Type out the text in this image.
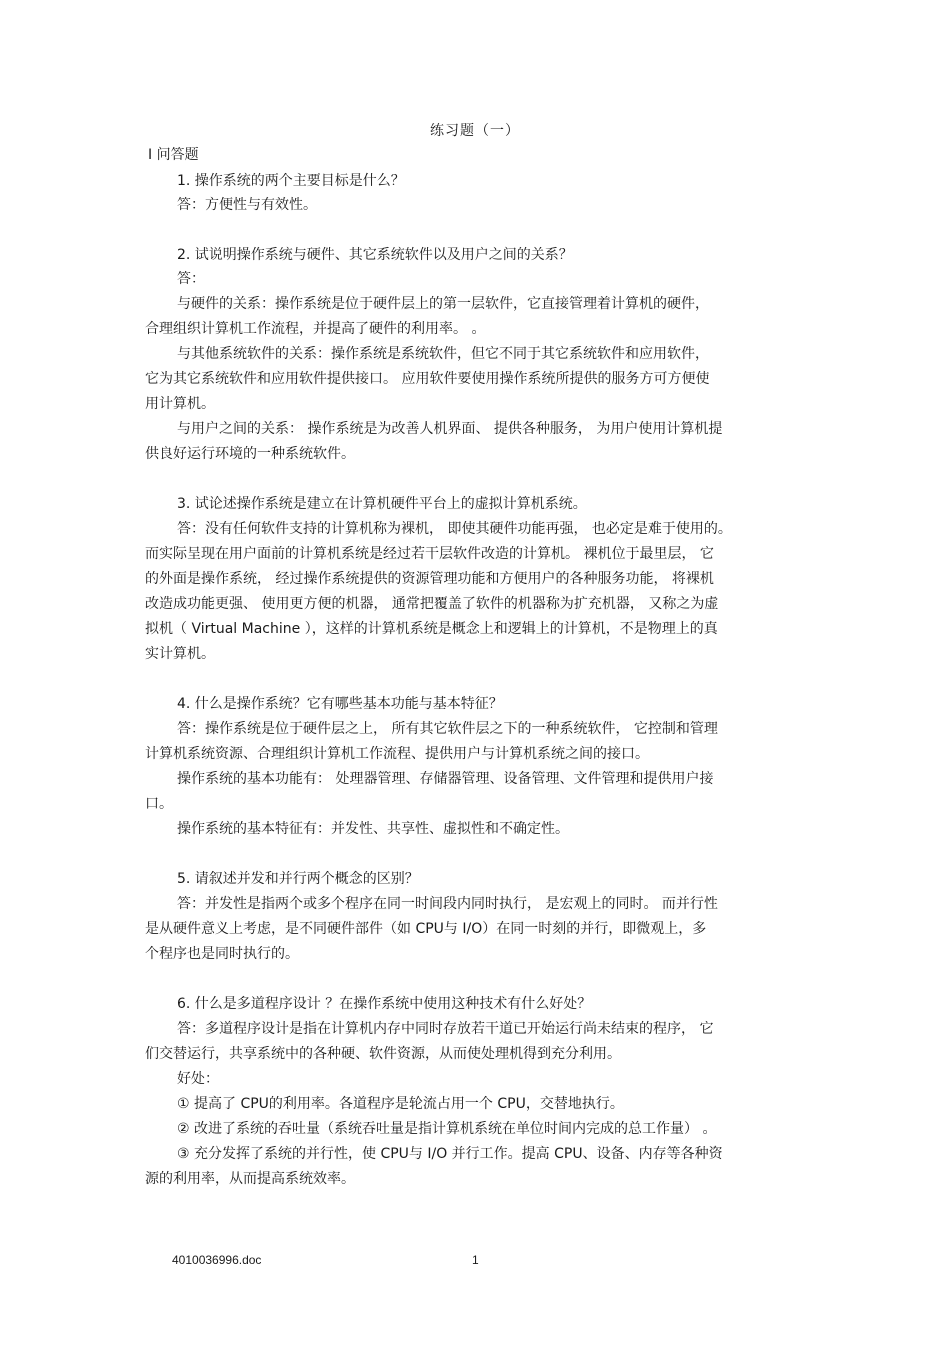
练习题（一）
Ⅰ 问答题
1. 操作系统的两个主要目标是什么？
答：方便性与有效性。
2. 试说明操作系统与硬件、其它系统软件以及用户之间的关系？
答：
与硬件的关系：操作系统是位于硬件层上的第一层软件，它直接管理着计算机的硬件，
合理组织计算机工作流程，并提高了硬件的利用率。 。
与其他系统软件的关系：操作系统是系统软件，但它不同于其它系统软件和应用软件，
它为其它系统软件和应用软件提供接口。 应用软件要使用操作系统所提供的服务方可方便使
用计算机。
与用户之间的关系： 操作系统是为改善人机界面、 提供各种服务， 为用户使用计算机提
供良好运行环境的一种系统软件。
3. 试论述操作系统是建立在计算机硬件平台上的虚拟计算机系统。
答：没有任何软件支持的计算机称为裸机， 即使其硬件功能再强， 也必定是难于使用的。
而实际呈现在用户面前的计算机系统是经过若干层软件改造的计算机。 裸机位于最里层， 它
的外面是操作系统， 经过操作系统提供的资源管理功能和方便用户的各种服务功能， 将裸机
改造成功能更强、 使用更方便的机器， 通常把覆盖了软件的机器称为扩充机器， 又称之为虚
拟机（ Virtual Machine ），这样的计算机系统是概念上和逻辑上的计算机，不是物理上的真
实计算机。
4. 什么是操作系统？它有哪些基本功能与基本特征？
答：操作系统是位于硬件层之上， 所有其它软件层之下的一种系统软件， 它控制和管理
计算机系统资源、合理组织计算机工作流程、提供用户与计算机系统之间的接口。
操作系统的基本功能有： 处理器管理、存储器管理、设备管理、文件管理和提供用户接
口。
操作系统的基本特征有：并发性、共享性、虚拟性和不确定性。
5. 请叙述并发和并行两个概念的区别？
答：并发性是指两个或多个程序在同一时间段内同时执行， 是宏观上的同时。 而并行性
是从硬件意义上考虑，是不同硬件部件（如 CPU与 I/O）在同一时刻的并行，即微观上，多
个程序也是同时执行的。
6. 什么是多道程序设计 ？在操作系统中使用这种技术有什么好处？
答：多道程序设计是指在计算机内存中同时存放若干道已开始运行尚未结束的程序， 它
们交替运行，共享系统中的各种硬、软件资源，从而使处理机得到充分利用。
好处：
① 提高了 CPU的利用率。各道程序是轮流占用一个 CPU，交替地执行。
② 改进了系统的吞吐量（系统吞吐量是指计算机系统在单位时间内完成的总工作量） 。
③ 充分发挥了系统的并行性，使 CPU与 I/O 并行工作。提高 CPU、设备、内存等各种资
源的利用率，从而提高系统效率。
4010036996.doc	1
